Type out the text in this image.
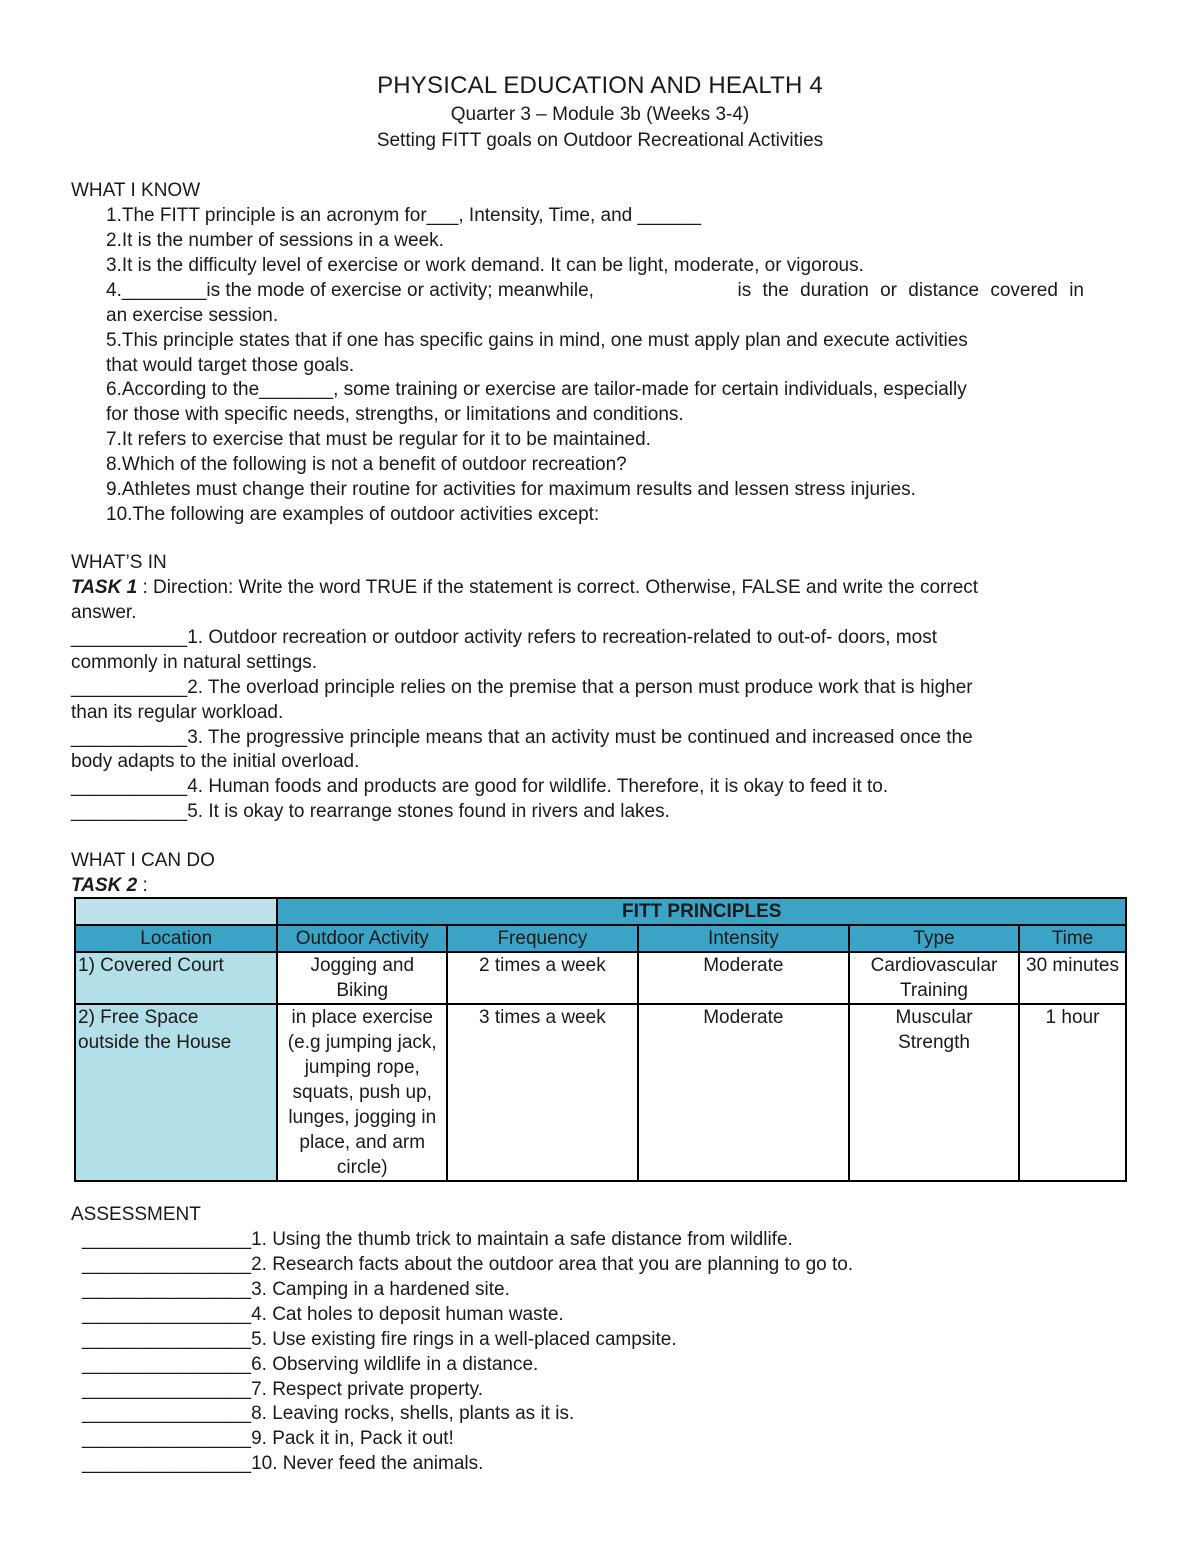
PHYSICAL EDUCATION AND HEALTH 4
Quarter 3 – Module 3b (Weeks 3-4)
Setting FITT goals on Outdoor Recreational Activities
WHAT I KNOW
1.The FITT principle is an acronym for___, Intensity, Time, and ______
2.It is the number of sessions in a week.
3.It is the difficulty level of exercise or work demand. It can be light, moderate, or vigorous.
4.________is the mode of exercise or activity; meanwhile,	is the duration or distance covered in
an exercise session.
5.This principle states that if one has specific gains in mind, one must apply plan and execute activities
that would target those goals.
6.According to the_______, some training or exercise are tailor-made for certain individuals, especially
for those with specific needs, strengths, or limitations and conditions.
7.It refers to exercise that must be regular for it to be maintained.
8.Which of the following is not a benefit of outdoor recreation?
9.Athletes must change their routine for activities for maximum results and lessen stress injuries.
10.The following are examples of outdoor activities except:
WHAT’S IN
TASK 1 : Direction: Write the word TRUE if the statement is correct. Otherwise, FALSE and write the correct
answer.
___________1. Outdoor recreation or outdoor activity refers to recreation-related to out-of- doors, most
commonly in natural settings.
___________2. The overload principle relies on the premise that a person must produce work that is higher
than its regular workload.
___________3. The progressive principle means that an activity must be continued and increased once the
body adapts to the initial overload.
___________4. Human foods and products are good for wildlife. Therefore, it is okay to feed it to.
___________5. It is okay to rearrange stones found in rivers and lakes.
WHAT I CAN DO
TASK 2 :
	FITT PRINCIPLES				
Location	Outdoor Activity	Frequency	Intensity	Type	Time
1) Covered Court	Jogging and Biking	2 times a week	Moderate	Cardiovascular Training	30 minutes
2) Free Space outside the House	in place exercise (e.g jumping jack, jumping rope, squats, push up, lunges, jogging in place, and arm circle)	3 times a week	Moderate	Muscular Strength	1 hour
ASSESSMENT
________________1. Using the thumb trick to maintain a safe distance from wildlife.
________________2. Research facts about the outdoor area that you are planning to go to.
________________3. Camping in a hardened site.
________________4. Cat holes to deposit human waste.
________________5. Use existing fire rings in a well-placed campsite.
________________6. Observing wildlife in a distance.
________________7. Respect private property.
________________8. Leaving rocks, shells, plants as it is.
________________9. Pack it in, Pack it out!
________________10. Never feed the animals.
